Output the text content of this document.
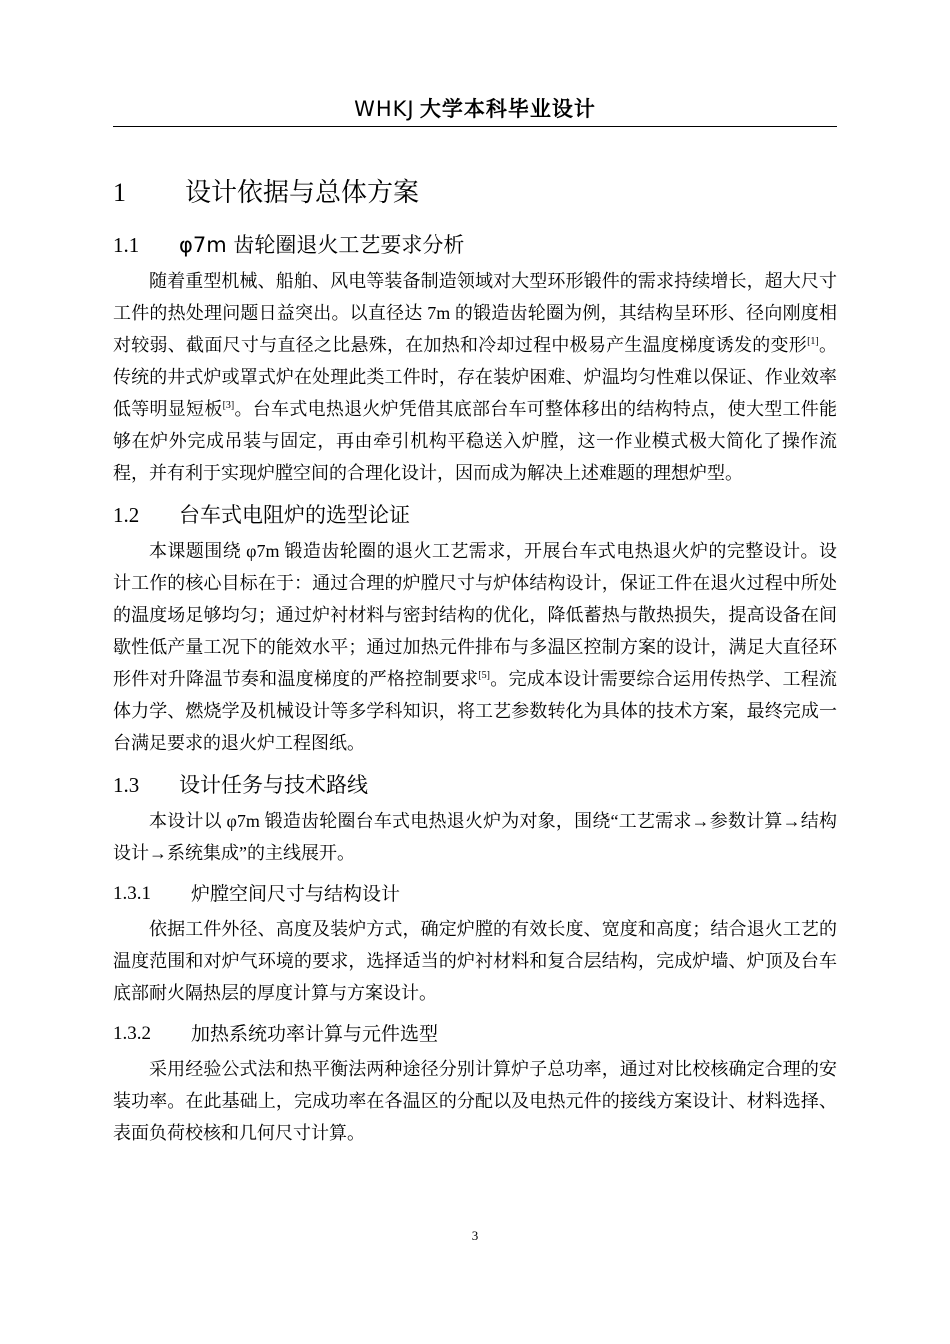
WHKJ 大学本科毕业设计
1	设计依据与总体方案
1.1	φ7m 齿轮圈退火工艺要求分析

随着重型机械、船舶、风电等装备制造领域对大型环形锻件的需求持续增长，超大尺寸工件的热处理问题日益突出。以直径达 7m 的锻造齿轮圈为例，其结构呈环形、径向刚度相对较弱、截面尺寸与直径之比悬殊，在加热和冷却过程中极易产生温度梯度诱发的变形[1]。传统的井式炉或罩式炉在处理此类工件时，存在装炉困难、炉温均匀性难以保证、作业效率低等明显短板[3]。台车式电热退火炉凭借其底部台车可整体移出的结构特点，使大型工件能够在炉外完成吊装与固定，再由牵引机构平稳送入炉膛，这一作业模式极大简化了操作流程，并有利于实现炉膛空间的合理化设计，因而成为解决上述难题的理想炉型。

1.2	台车式电阻炉的选型论证

本课题围绕 φ7m 锻造齿轮圈的退火工艺需求，开展台车式电热退火炉的完整设计。设计工作的核心目标在于：通过合理的炉膛尺寸与炉体结构设计，保证工件在退火过程中所处的温度场足够均匀；通过炉衬材料与密封结构的优化，降低蓄热与散热损失，提高设备在间歇性低产量工况下的能效水平；通过加热元件排布与多温区控制方案的设计，满足大直径环形件对升降温节奏和温度梯度的严格控制要求[5]。完成本设计需要综合运用传热学、工程流体力学、燃烧学及机械设计等多学科知识，将工艺参数转化为具体的技术方案，最终完成一台满足要求的退火炉工程图纸。

1.3	设计任务与技术路线

本设计以 φ7m 锻造齿轮圈台车式电热退火炉为对象，围绕“工艺需求→参数计算→结构设计→系统集成”的主线展开。

1.3.1	炉膛空间尺寸与结构设计

依据工件外径、高度及装炉方式，确定炉膛的有效长度、宽度和高度；结合退火工艺的温度范围和对炉气环境的要求，选择适当的炉衬材料和复合层结构，完成炉墙、炉顶及台车底部耐火隔热层的厚度计算与方案设计。

1.3.2	加热系统功率计算与元件选型

采用经验公式法和热平衡法两种途径分别计算炉子总功率，通过对比校核确定合理的安装功率。在此基础上，完成功率在各温区的分配以及电热元件的接线方案设计、材料选择、表面负荷校核和几何尺寸计算。

3
